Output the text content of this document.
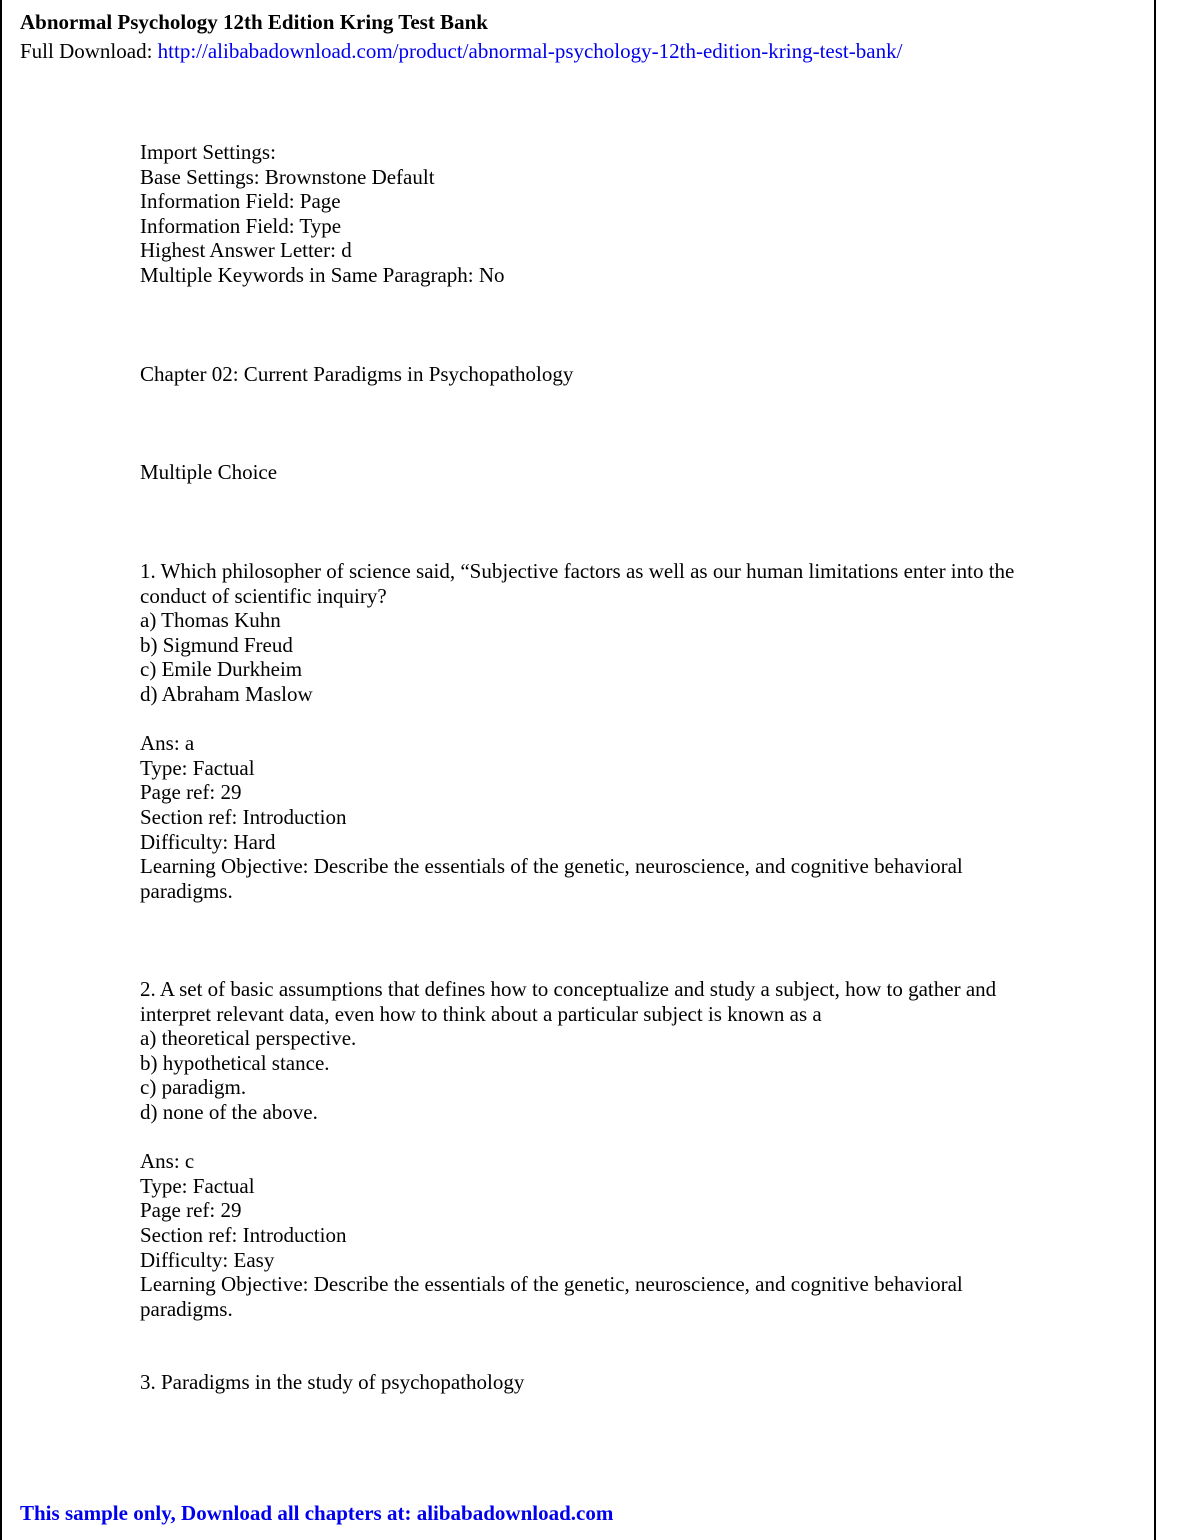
Abnormal Psychology 12th Edition Kring Test Bank
Full Download: http://alibabadownload.com/product/abnormal-psychology-12th-edition-kring-test-bank/
Import Settings:
Base Settings: Brownstone Default
Information Field: Page
Information Field: Type
Highest Answer Letter: d
Multiple Keywords in Same Paragraph: No
Chapter 02: Current Paradigms in Psychopathology
Multiple Choice
1. Which philosopher of science said, “Subjective factors as well as our human limitations enter into the
conduct of scientific inquiry?
a) Thomas Kuhn
b) Sigmund Freud
c) Emile Durkheim
d) Abraham Maslow

Ans: a
Type: Factual
Page ref: 29
Section ref: Introduction
Difficulty: Hard
Learning Objective: Describe the essentials of the genetic, neuroscience, and cognitive behavioral
paradigms.
2. A set of basic assumptions that defines how to conceptualize and study a subject, how to gather and
interpret relevant data, even how to think about a particular subject is known as a
a) theoretical perspective.
b) hypothetical stance.
c) paradigm.
d) none of the above.

Ans: c
Type: Factual
Page ref: 29
Section ref: Introduction
Difficulty: Easy
Learning Objective: Describe the essentials of the genetic, neuroscience, and cognitive behavioral
paradigms.
3. Paradigms in the study of psychopathology
This sample only, Download all chapters at: alibabadownload.com
